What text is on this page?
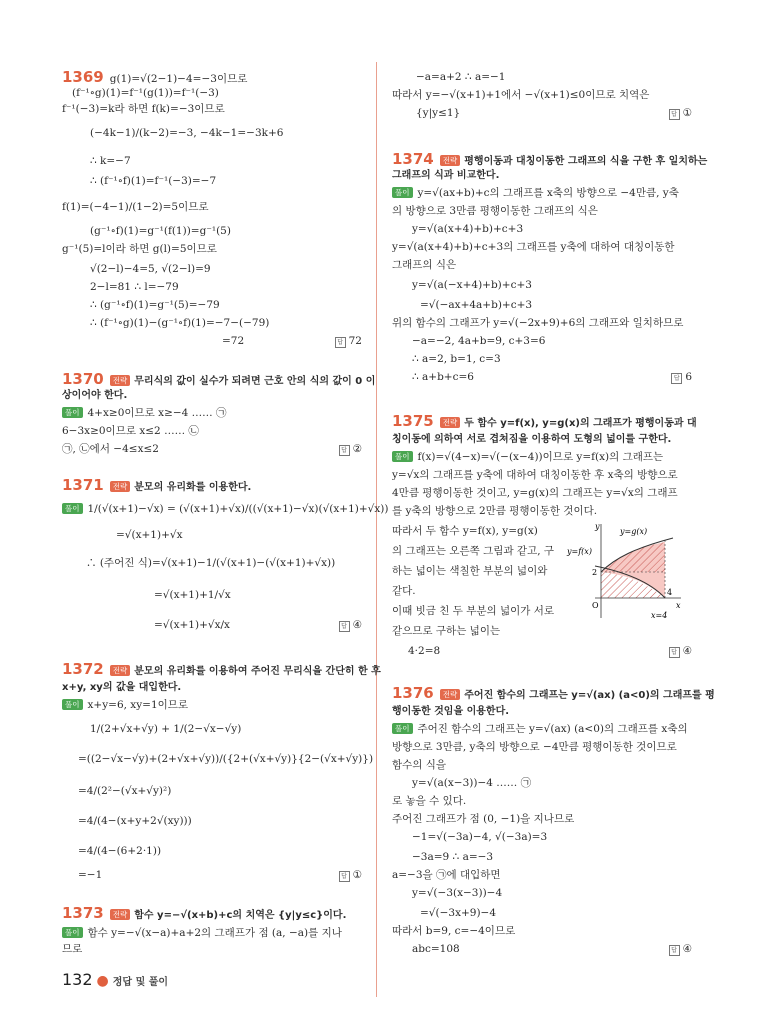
1369 g(1)=√(2−1)−4=−3이므로
(f⁻¹∘g)(1)=f⁻¹(g(1))=f⁻¹(−3)
f⁻¹(−3)=k라 하면 f(k)=−3이므로
(−4k−1)/(k−2)=−3, −4k−1=−3k+6
∴ k=−7
∴ (f⁻¹∘f)(1)=f⁻¹(−3)=−7
f(1)=(−4−1)/(1−2)=5이므로
(g⁻¹∘f)(1)=g⁻¹(f(1))=g⁻¹(5)
g⁻¹(5)=l이라 하면 g(l)=5이므로
√(2−l)−4=5, √(2−l)=9
2−l=81 ∴ l=−79
∴ (g⁻¹∘f)(1)=g⁻¹(5)=−79
∴ (f⁻¹∘g)(1)−(g⁻¹∘f)(1)=−7−(−79)
=72	답 72
1370 전략 무리식의 값이 실수가 되려면 근호 안의 식의 값이 0 이
상이어야 한다.
풀이 4+x≥0이므로 x≥−4 …… ㉠
6−3x≥0이므로 x≤2 …… ㉡
㉠, ㉡에서 −4≤x≤2	답 ②
1371 전략 분모의 유리화를 이용한다.
풀이 1/(√(x+1)−√x) = (√(x+1)+√x)/((√(x+1)−√x)(√(x+1)+√x))
=√(x+1)+√x
∴ (주어진 식)=√(x+1)−1/(√(x+1)−(√(x+1)+√x))
=√(x+1)+1/√x
=√(x+1)+√x/x	답 ④
1372 전략 분모의 유리화를 이용하여 주어진 무리식을 간단히 한 후
x+y, xy의 값을 대입한다.
풀이 x+y=6, xy=1이므로
1/(2+√x+√y) + 1/(2−√x−√y)
=((2−√x−√y)+(2+√x+√y))/({2+(√x+√y)}{2−(√x+√y)})
=4/(2²−(√x+√y)²)
=4/(4−(x+y+2√(xy)))
=4/(4−(6+2·1))
=−1	답 ①
1373 전략 함수 y=−√(x+b)+c의 치역은 {y|y≤c}이다.
풀이 함수 y=−√(x−a)+a+2의 그래프가 점 (a, −a)를 지나
므로
−a=a+2 ∴ a=−1
따라서 y=−√(x+1)+1에서 −√(x+1)≤0이므로 치역은
{y|y≤1}	답 ①
1374 전략 평행이동과 대칭이동한 그래프의 식을 구한 후 일치하는
그래프의 식과 비교한다.
풀이 y=√(ax+b)+c의 그래프를 x축의 방향으로 −4만큼, y축
의 방향으로 3만큼 평행이동한 그래프의 식은
y=√(a(x+4)+b)+c+3
y=√(a(x+4)+b)+c+3의 그래프를 y축에 대하여 대칭이동한
그래프의 식은
y=√(a(−x+4)+b)+c+3
=√(−ax+4a+b)+c+3
위의 함수의 그래프가 y=√(−2x+9)+6의 그래프와 일치하므로
−a=−2, 4a+b=9, c+3=6
∴ a=2, b=1, c=3
∴ a+b+c=6	답 6
1375 전략 두 함수 y=f(x), y=g(x)의 그래프가 평행이동과 대
칭이동에 의하여 서로 겹쳐짐을 이용하여 도형의 넓이를 구한다.
풀이 f(x)=√(4−x)=√(−(x−4))이므로 y=f(x)의 그래프는
y=√x의 그래프를 y축에 대하여 대칭이동한 후 x축의 방향으로
4만큼 평행이동한 것이고, y=g(x)의 그래프는 y=√x의 그래프
를 y축의 방향으로 2만큼 평행이동한 것이다.
따라서 두 함수 y=f(x), y=g(x)
의 그래프는 오른쪽 그림과 같고, 구
하는 넓이는 색칠한 부분의 넓이와
같다.
이때 빗금 친 두 부분의 넓이가 서로
같으므로 구하는 넓이는
4·2=8	답 ④
1376 전략 주어진 함수의 그래프는 y=√(ax) (a<0)의 그래프를 평
행이동한 것임을 이용한다.
풀이 주어진 함수의 그래프는 y=√(ax) (a<0)의 그래프를 x축의
방향으로 3만큼, y축의 방향으로 −4만큼 평행이동한 것이므로
함수의 식을
y=√(a(x−3))−4 …… ㉠
로 놓을 수 있다.
주어진 그래프가 점 (0, −1)을 지나므로
−1=√(−3a)−4, √(−3a)=3
−3a=9 ∴ a=−3
a=−3을 ㉠에 대입하면
y=√(−3(x−3))−4
=√(−3x+9)−4
따라서 b=9, c=−4이므로
abc=108	답 ④
y=g(x)
y=f(x)
y
x
O
2
4
x=4
132 ● 정답 및 풀이
